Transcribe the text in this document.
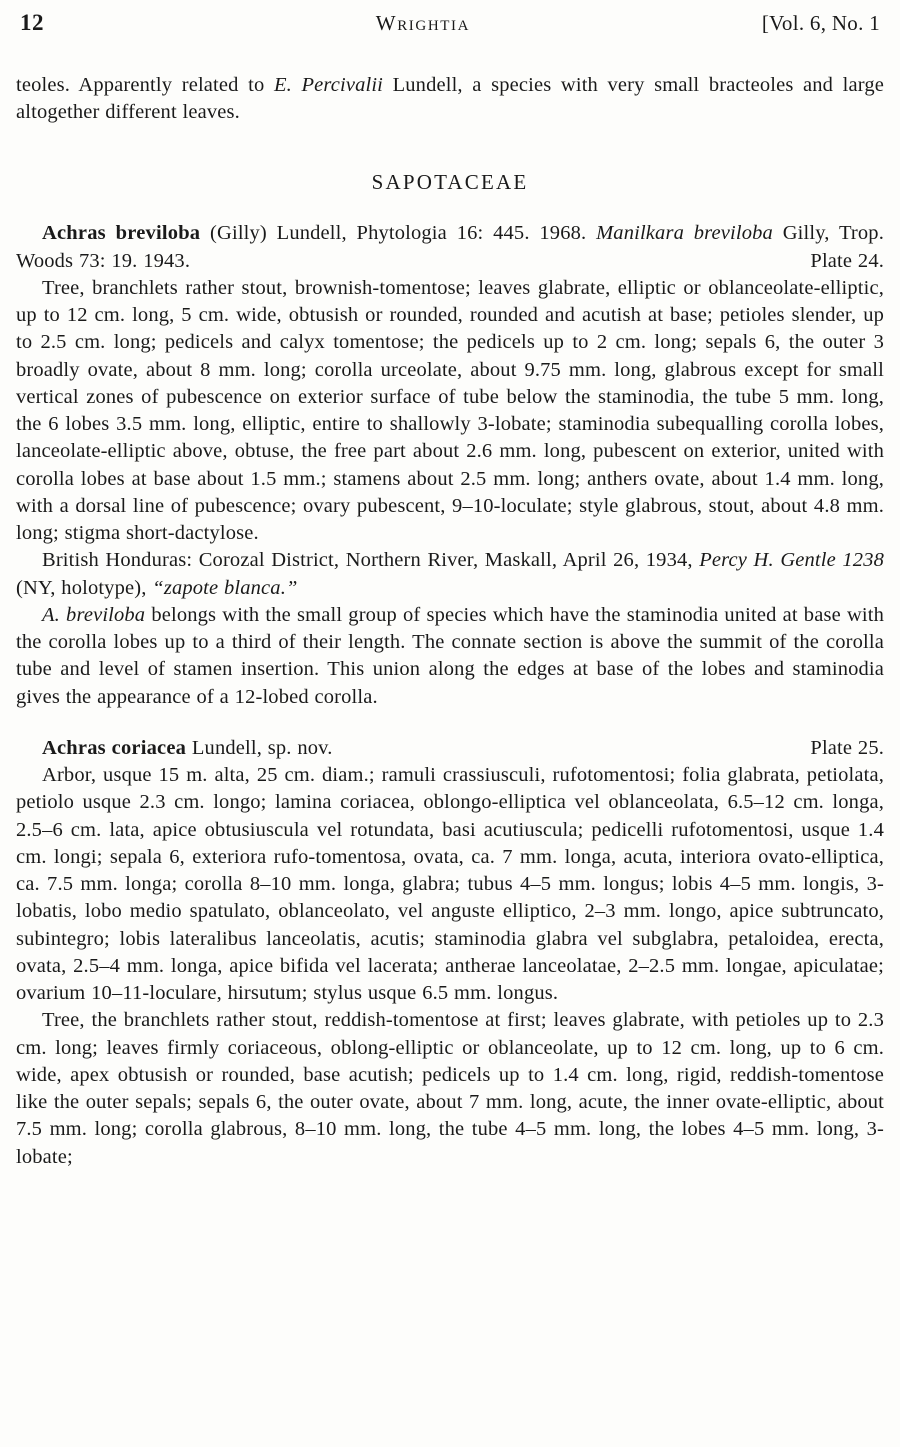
12	Wrightia	[Vol. 6, No. 1

teoles. Apparently related to E. Percivalii Lundell, a species with very small bracteoles and large altogether different leaves.

SAPOTACEAE

Achras breviloba (Gilly) Lundell, Phytologia 16: 445. 1968. Manilkara breviloba Gilly, Trop. Woods 73: 19. 1943.	Plate 24.

Tree, branchlets rather stout, brownish-tomentose; leaves glabrate, elliptic or oblanceolate-elliptic, up to 12 cm. long, 5 cm. wide, obtusish or rounded, rounded and acutish at base; petioles slender, up to 2.5 cm. long; pedicels and calyx tomentose; the pedicels up to 2 cm. long; sepals 6, the outer 3 broadly ovate, about 8 mm. long; corolla urceolate, about 9.75 mm. long, glabrous except for small vertical zones of pubescence on exterior surface of tube below the staminodia, the tube 5 mm. long, the 6 lobes 3.5 mm. long, elliptic, entire to shallowly 3-lobate; staminodia subequalling corolla lobes, lanceolate-elliptic above, obtuse, the free part about 2.6 mm. long, pubescent on exterior, united with corolla lobes at base about 1.5 mm.; stamens about 2.5 mm. long; anthers ovate, about 1.4 mm. long, with a dorsal line of pubescence; ovary pubescent, 9–10-loculate; style glabrous, stout, about 4.8 mm. long; stigma short-dactylose.

British Honduras: Corozal District, Northern River, Maskall, April 26, 1934, Percy H. Gentle 1238 (NY, holotype), “zapote blanca.”

A. breviloba belongs with the small group of species which have the staminodia united at base with the corolla lobes up to a third of their length. The connate section is above the summit of the corolla tube and level of stamen insertion. This union along the edges at base of the lobes and staminodia gives the appearance of a 12-lobed corolla.

Achras coriacea Lundell, sp. nov.	Plate 25.

Arbor, usque 15 m. alta, 25 cm. diam.; ramuli crassiusculi, rufotomentosi; folia glabrata, petiolata, petiolo usque 2.3 cm. longo; lamina coriacea, oblongo-elliptica vel oblanceolata, 6.5–12 cm. longa, 2.5–6 cm. lata, apice obtusiuscula vel rotundata, basi acutiuscula; pedicelli rufotomentosi, usque 1.4 cm. longi; sepala 6, exteriora rufo-tomentosa, ovata, ca. 7 mm. longa, acuta, interiora ovato-elliptica, ca. 7.5 mm. longa; corolla 8–10 mm. longa, glabra; tubus 4–5 mm. longus; lobis 4–5 mm. longis, 3-lobatis, lobo medio spatulato, oblanceolato, vel anguste elliptico, 2–3 mm. longo, apice subtruncato, subintegro; lobis lateralibus lanceolatis, acutis; staminodia glabra vel subglabra, petaloidea, erecta, ovata, 2.5–4 mm. longa, apice bifida vel lacerata; antherae lanceolatae, 2–2.5 mm. longae, apiculatae; ovarium 10–11-loculare, hirsutum; stylus usque 6.5 mm. longus.

Tree, the branchlets rather stout, reddish-tomentose at first; leaves glabrate, with petioles up to 2.3 cm. long; leaves firmly coriaceous, oblong-elliptic or oblanceolate, up to 12 cm. long, up to 6 cm. wide, apex obtusish or rounded, base acutish; pedicels up to 1.4 cm. long, rigid, reddish-tomentose like the outer sepals; sepals 6, the outer ovate, about 7 mm. long, acute, the inner ovate-elliptic, about 7.5 mm. long; corolla glabrous, 8–10 mm. long, the tube 4–5 mm. long, the lobes 4–5 mm. long, 3-lobate;
